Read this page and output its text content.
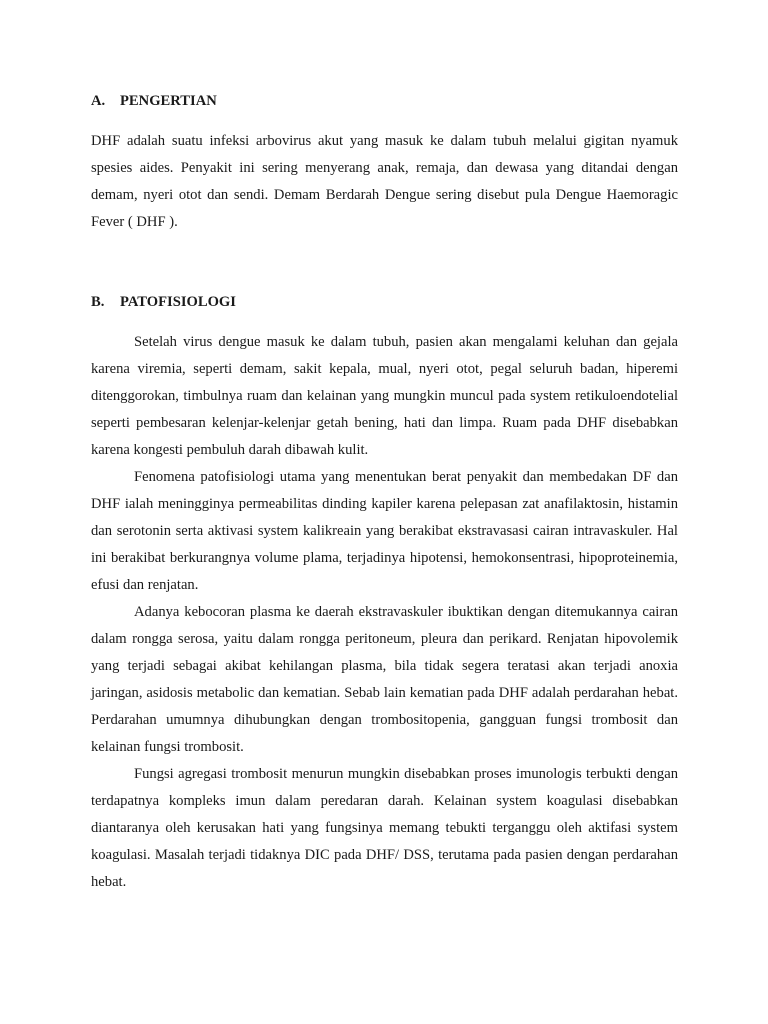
A. PENGERTIAN

DHF adalah suatu infeksi arbovirus akut yang masuk ke dalam tubuh melalui gigitan nyamuk spesies aides. Penyakit ini sering menyerang anak, remaja, dan dewasa yang ditandai dengan demam, nyeri otot dan sendi. Demam Berdarah Dengue sering disebut pula Dengue Haemoragic Fever ( DHF ).

B. PATOFISIOLOGI

Setelah virus dengue masuk ke dalam tubuh, pasien akan mengalami keluhan dan gejala karena viremia, seperti demam, sakit kepala, mual, nyeri otot, pegal seluruh badan, hiperemi ditenggorokan, timbulnya ruam dan kelainan yang mungkin muncul pada system retikuloendotelial seperti pembesaran kelenjar-kelenjar getah bening, hati dan limpa. Ruam pada DHF disebabkan karena kongesti pembuluh darah dibawah kulit.

Fenomena patofisiologi utama yang menentukan berat penyakit dan membedakan DF dan DHF ialah meningginya permeabilitas dinding kapiler karena pelepasan zat anafilaktosin, histamin dan serotonin serta aktivasi system kalikreain yang berakibat ekstravasasi cairan intravaskuler. Hal ini berakibat berkurangnya volume plama, terjadinya hipotensi, hemokonsentrasi, hipoproteinemia, efusi dan renjatan.

Adanya kebocoran plasma ke daerah ekstravaskuler ibuktikan dengan ditemukannya cairan dalam rongga serosa, yaitu dalam rongga peritoneum, pleura dan perikard. Renjatan hipovolemik yang terjadi sebagai akibat kehilangan plasma, bila tidak segera teratasi akan terjadi anoxia jaringan, asidosis metabolic dan kematian. Sebab lain kematian pada DHF adalah perdarahan hebat. Perdarahan umumnya dihubungkan dengan trombositopenia, gangguan fungsi trombosit dan kelainan fungsi trombosit.

Fungsi agregasi trombosit menurun mungkin disebabkan proses imunologis terbukti dengan terdapatnya kompleks imun dalam peredaran darah. Kelainan system koagulasi disebabkan diantaranya oleh kerusakan hati yang fungsinya memang tebukti terganggu oleh aktifasi system koagulasi. Masalah terjadi tidaknya DIC pada DHF/ DSS, terutama pada pasien dengan perdarahan hebat.
